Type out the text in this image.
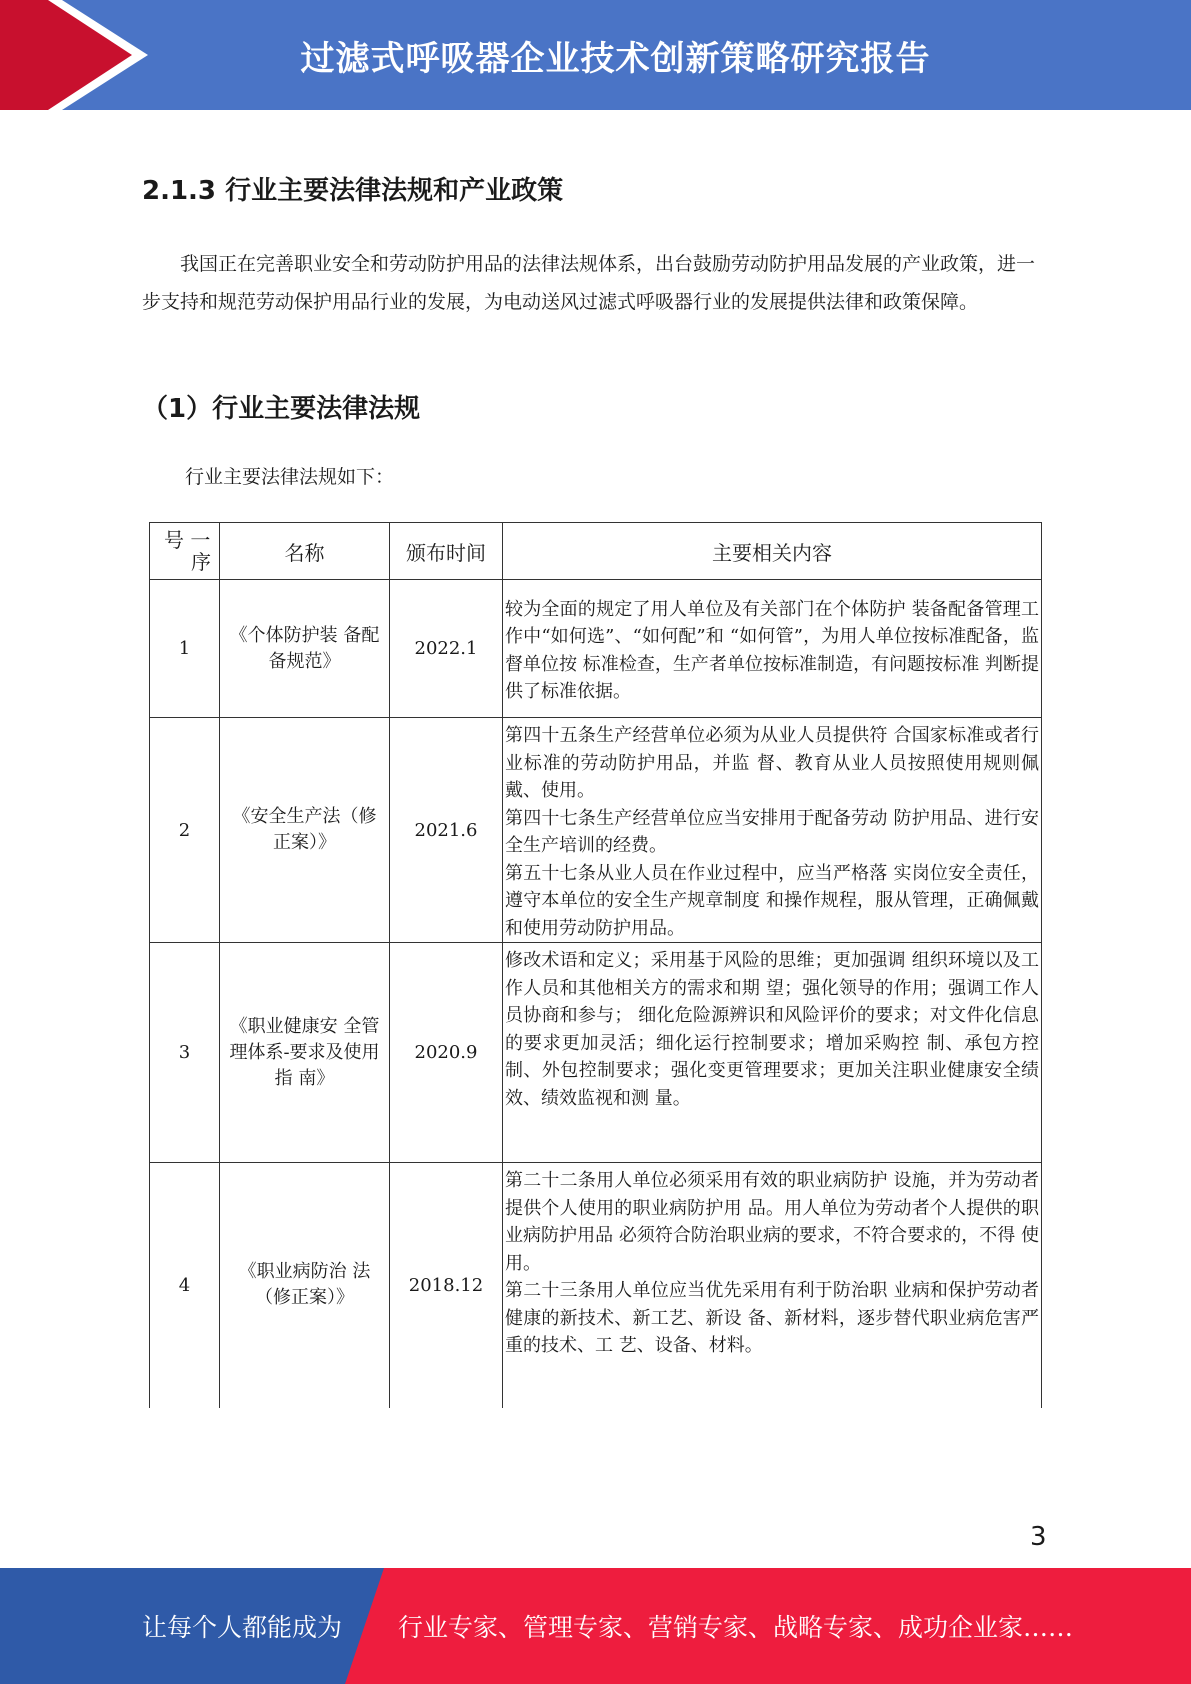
过滤式呼吸器企业技术创新策略研究报告
2.1.3 行业主要法律法规和产业政策
我国正在完善职业安全和劳动防护用品的法律法规体系，出台鼓励劳动防护用品发展的产业政策，进一步支持和规范劳动保护用品行业的发展，为电动送风过滤式呼吸器行业的发展提供法律和政策保障。
（1）行业主要法律法规
行业主要法律法规如下：
号 一
序	名称	颁布时间	主要相关内容
1	《个体防护装 备配备规范》	2022.1	较为全面的规定了用人单位及有关部门在个体防护 装备配备管理工作中“如何选”、“如何配”和 “如何管”，为用人单位按标准配备，监督单位按 标准检查，生产者单位按标准制造，有问题按标准 判断提供了标准依据。

2	《安全生产法（修正案）》	2021.6	第四十五条生产经营单位必须为从业人员提供符 合国家标准或者行业标准的劳动防护用品，并监 督、教育从业人员按照使用规则佩戴、使用。

第四十七条生产经营单位应当安排用于配备劳动 防护用品、进行安全生产培训的经费。

第五十七条从业人员在作业过程中，应当严格落 实岗位安全责任，遵守本单位的安全生产规章制度 和操作规程，服从管理，正确佩戴和使用劳动防护用品。

3	《职业健康安 全管理体系-要求及使用指 南》	2020.9	修改术语和定义；采用基于风险的思维；更加强调 组织环境以及工作人员和其他相关方的需求和期 望；强化领导的作用；强调工作人员协商和参与； 细化危险源辨识和风险评价的要求；对文件化信息 的要求更加灵活；细化运行控制要求；增加采购控 制、承包方控制、外包控制要求；强化变更管理要求；更加关注职业健康安全绩效、绩效监视和测 量。

4	《职业病防治 法（修正案）》	2018.12	第二十二条用人单位必须采用有效的职业病防护 设施，并为劳动者提供个人使用的职业病防护用 品。用人单位为劳动者个人提供的职业病防护用品 必须符合防治职业病的要求，不符合要求的，不得 使用。

第二十三条用人单位应当优先采用有利于防治职 业病和保护劳动者健康的新技术、新工艺、新设 备、新材料，逐步替代职业病危害严重的技术、工 艺、设备、材料。

3
让每个人都能成为 行业专家、管理专家、营销专家、战略专家、成功企业家……
